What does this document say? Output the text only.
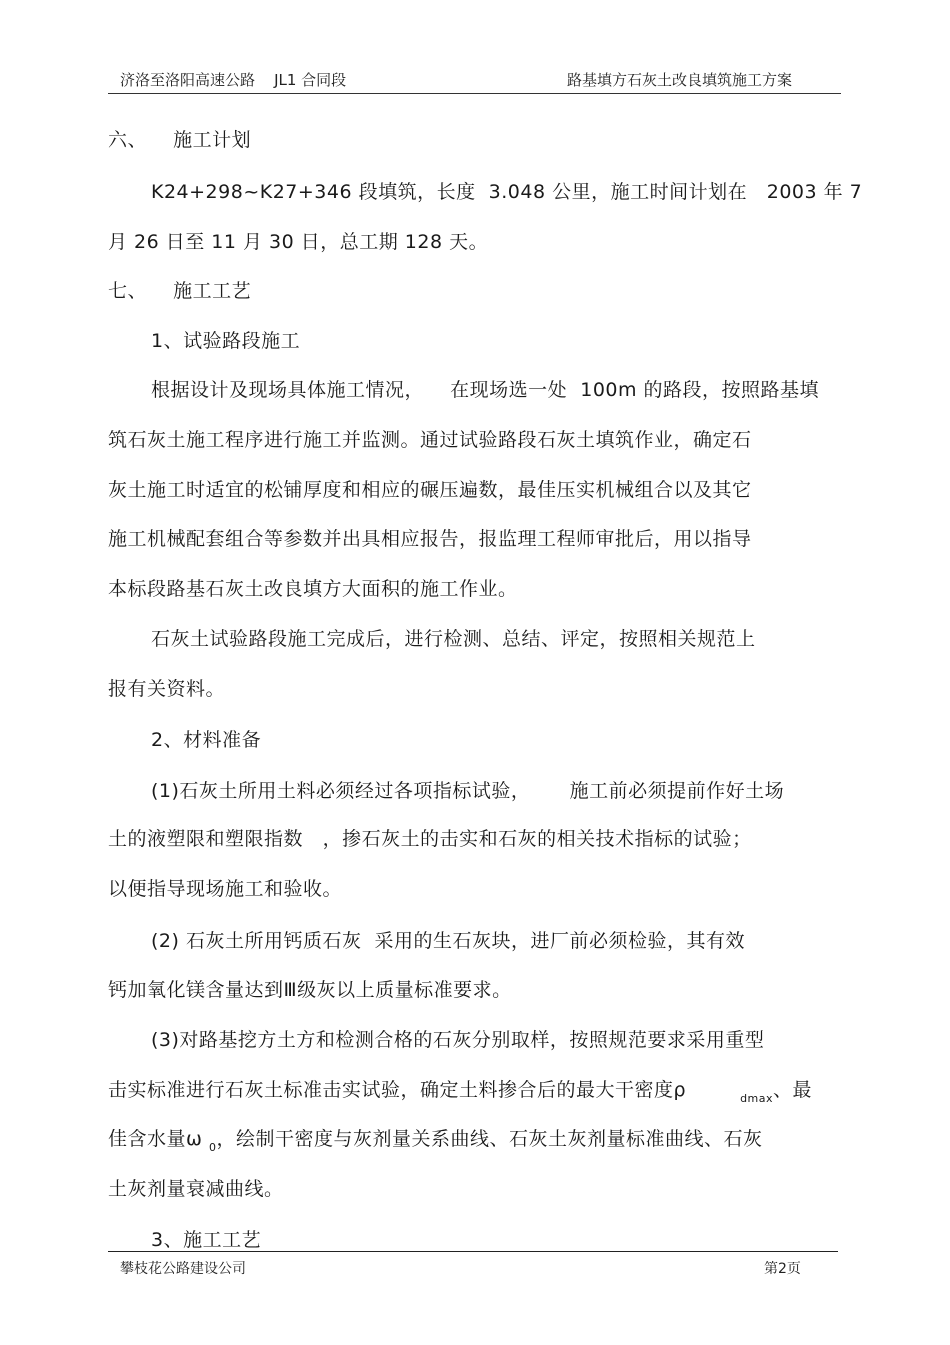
济洛至洛阳高速公路    JL1 合同段	路基填方石灰土改良填筑施工方案
六、    施工计划
K24+298~K27+346 段填筑，长度  3.048 公里，施工时间计划在   2003 年 7
月 26 日至 11 月 30 日，总工期 128 天。
七、    施工工艺
1、试验路段施工
根据设计及现场具体施工情况，    在现场选一处  100m 的路段，按照路基填
筑石灰土施工程序进行施工并监测。通过试验路段石灰土填筑作业，确定石
灰土施工时适宜的松铺厚度和相应的碾压遍数，最佳压实机械组合以及其它
施工机械配套组合等参数并出具相应报告，报监理工程师审批后，用以指导
本标段路基石灰土改良填方大面积的施工作业。
石灰土试验路段施工完成后，进行检测、总结、评定，按照相关规范上
报有关资料。
2、材料准备
(1)石灰土所用土料必须经过各项指标试验，      施工前必须提前作好土场
土的液塑限和塑限指数   ，掺石灰土的击实和石灰的相关技术指标的试验；
以便指导现场施工和验收。
(2) 石灰土所用钙质石灰  采用的生石灰块，进厂前必须检验，其有效
钙加氧化镁含量达到Ⅲ级灰以上质量标准要求。
(3)对路基挖方土方和检测合格的石灰分别取样，按照规范要求采用重型
击实标准进行石灰土标准击实试验，确定土料掺合后的最大干密度ρ	$_{dmax}$、最
佳含水量ω $_0$，绘制干密度与灰剂量关系曲线、石灰土灰剂量标准曲线、石灰
土灰剂量衰减曲线。
3、施工工艺
攀枝花公路建设公司	第2页
